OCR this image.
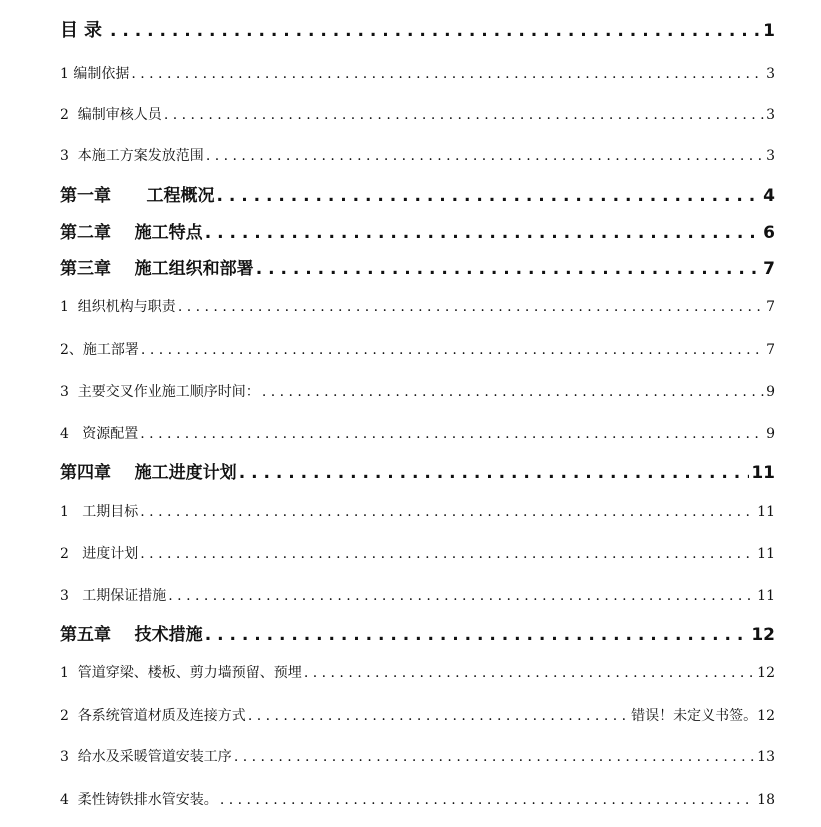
目录 . . .	1
1 编制依据 . . .	3
2  编制审核人员 . . .	3
3  本施工方案发放范围 . . .	3
第一章      工程概况 . . .	4
第二章    施工特点 . . .	6
第三章    施工组织和部署 . . .	7
1  组织机构与职责 . . .	7
2、施工部署 . . .	7
3  主要交叉作业施工顺序时间： . . .	9
4   资源配置 . . .	9
第四章    施工进度计划 . . .	11
1   工期目标 . . .	11
2   进度计划 . . .	11
3   工期保证措施 . . .	11
第五章    技术措施 . . .	12
1  管道穿梁、楼板、剪力墙预留、预埋 . . .	12
2  各系统管道材质及连接方式 . . .	错误！未定义书签。 12
3  给水及采暖管道安装工序 . . .	13
4  柔性铸铁排水管安装。 . . .	18
